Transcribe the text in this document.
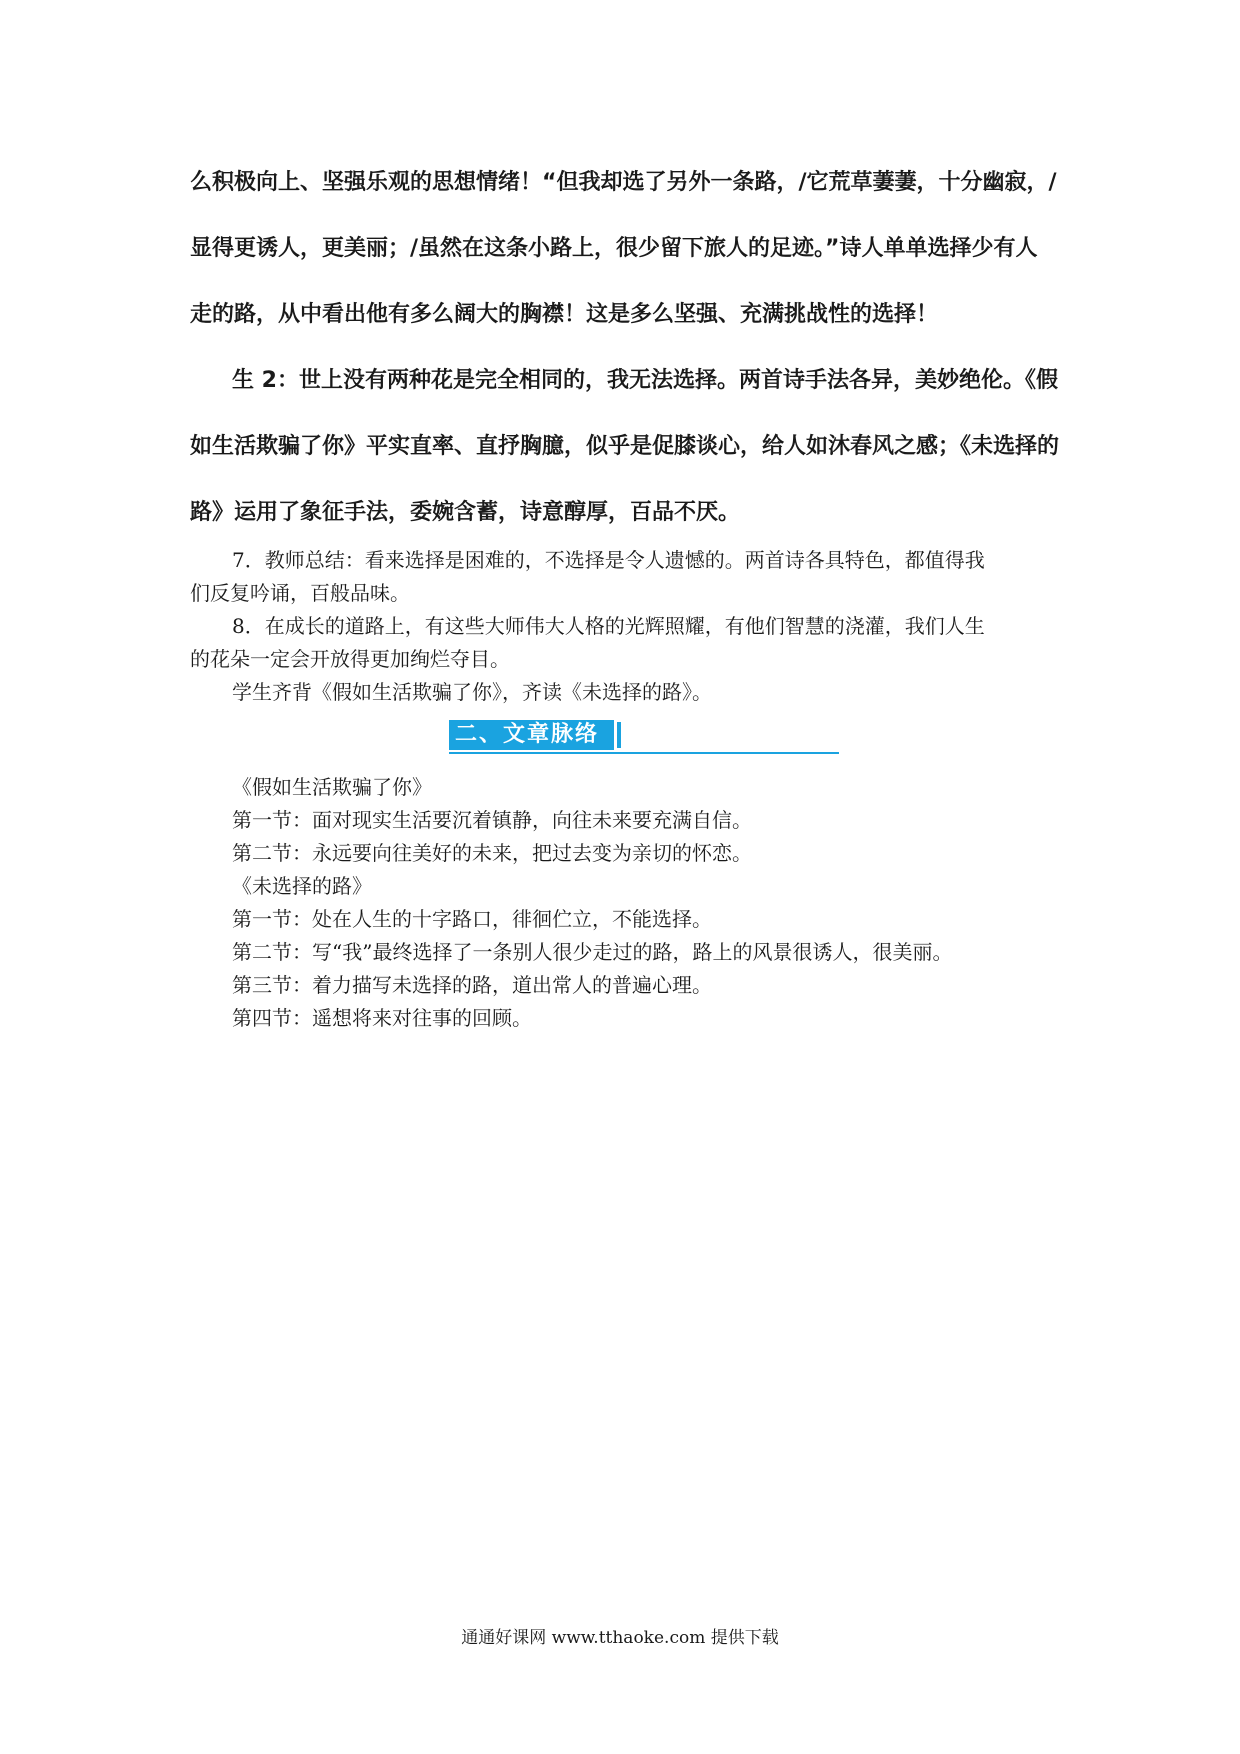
么积极向上、坚强乐观的思想情绪！“但我却选了另外一条路，/它荒草萋萋，十分幽寂，/
显得更诱人，更美丽；/虽然在这条小路上，很少留下旅人的足迹。”诗人单单选择少有人
走的路，从中看出他有多么阔大的胸襟！这是多么坚强、充满挑战性的选择！
生 2：世上没有两种花是完全相同的，我无法选择。两首诗手法各异，美妙绝伦。《假
如生活欺骗了你》平实直率、直抒胸臆，似乎是促膝谈心，给人如沐春风之感；《未选择的
路》运用了象征手法，委婉含蓄，诗意醇厚，百品不厌。
7．教师总结：看来选择是困难的，不选择是令人遗憾的。两首诗各具特色，都值得我
们反复吟诵，百般品味。
8．在成长的道路上，有这些大师伟大人格的光辉照耀，有他们智慧的浇灌，我们人生
的花朵一定会开放得更加绚烂夺目。
学生齐背《假如生活欺骗了你》，齐读《未选择的路》。
二、文章脉络
《假如生活欺骗了你》
第一节：面对现实生活要沉着镇静，向往未来要充满自信。
第二节：永远要向往美好的未来，把过去变为亲切的怀恋。
《未选择的路》
第一节：处在人生的十字路口，徘徊伫立，不能选择。
第二节：写“我”最终选择了一条别人很少走过的路，路上的风景很诱人，很美丽。
第三节：着力描写未选择的路，道出常人的普遍心理。
第四节：遥想将来对往事的回顾。
通通好课网 www.tthaoke.com 提供下载
